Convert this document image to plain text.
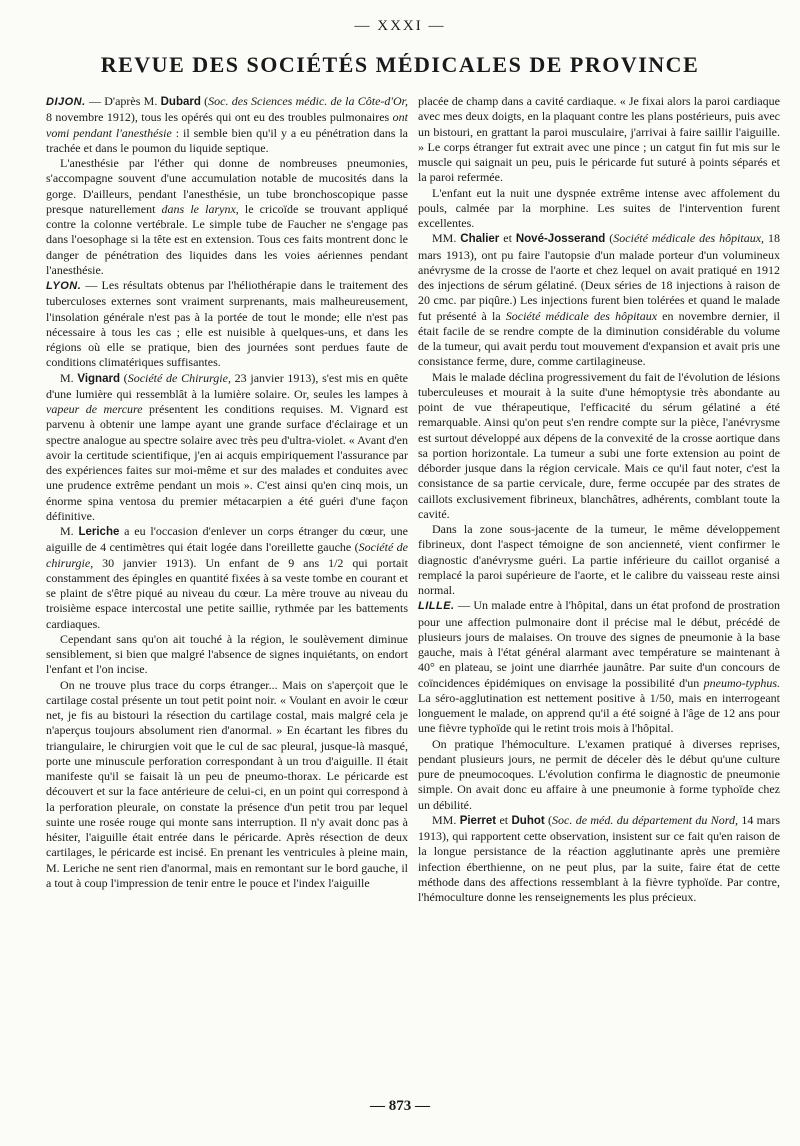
— XXXI —
REVUE DES SOCIÉTÉS MÉDICALES DE PROVINCE

DIJON. — D'après M. Dubard (Soc. des Sciences médic. de la Côte-d'Or, 8 novembre 1912), tous les opérés qui ont eu des troubles pulmonaires ont vomi pendant l'anesthésie : il semble bien qu'il y a eu pénétration dans la trachée et dans le poumon du liquide septique.

L'anesthésie par l'éther qui donne de nombreuses pneumonies, s'accompagne souvent d'une accumulation notable de mucosités dans la gorge. D'ailleurs, pendant l'anesthésie, un tube bronchoscopique passe presque naturellement dans le larynx, le cricoïde se trouvant appliqué contre la colonne vertébrale. Le simple tube de Faucher ne s'engage pas dans l'oesophage si la tête est en extension. Tous ces faits montrent donc le danger de pénétration des liquides dans les voies aériennes pendant l'anesthésie.

LYON. — Les résultats obtenus par l'héliothérapie dans le traitement des tuberculoses externes sont vraiment surprenants, mais malheureusement, l'insolation générale n'est pas à la portée de tout le monde; elle n'est pas nécessaire à tous les cas ; elle est nuisible à quelques-uns, et dans les régions où elle se pratique, bien des journées sont perdues faute de conditions climatériques suffisantes.

M. Vignard (Société de Chirurgie, 23 janvier 1913), s'est mis en quête d'une lumière qui ressemblât à la lumière solaire. Or, seules les lampes à vapeur de mercure présentent les conditions requises. M. Vignard est parvenu à obtenir une lampe ayant une grande surface d'éclairage et un spectre analogue au spectre solaire avec très peu d'ultra-violet. « Avant d'en avoir la certitude scientifique, j'en ai acquis empiriquement l'assurance par des expériences faites sur moi-même et sur des malades et conduites avec une prudence extrême pendant un mois ». C'est ainsi qu'en cinq mois, un énorme spina ventosa du premier métacarpien a été guéri d'une façon définitive.

M. Leriche a eu l'occasion d'enlever un corps étranger du cœur, une aiguille de 4 centimètres qui était logée dans l'oreillette gauche (Société de chirurgie, 30 janvier 1913). Un enfant de 9 ans 1/2 qui portait constamment des épingles en quantité fixées à sa veste tombe en courant et se plaint de s'être piqué au niveau du cœur. La mère trouve au niveau du troisième espace intercostal une petite saillie, rythmée par les battements cardiaques.

Cependant sans qu'on ait touché à la région, le soulèvement diminue sensiblement, si bien que malgré l'absence de signes inquiétants, on endort l'enfant et l'on incise.

On ne trouve plus trace du corps étranger... Mais on s'aperçoit que le cartilage costal présente un tout petit point noir. « Voulant en avoir le cœur net, je fis au bistouri la résection du cartilage costal, mais malgré cela je n'aperçus toujours absolument rien d'anormal. » En écartant les fibres du triangulaire, le chirurgien voit que le cul de sac pleural, jusque-là masqué, porte une minuscule perforation correspondant à un trou d'aiguille. Il était manifeste qu'il se faisait là un peu de pneumo-thorax. Le péricarde est découvert et sur la face antérieure de celui-ci, en un point qui correspond à la perforation pleurale, on constate la présence d'un petit trou par lequel suinte une rosée rouge qui monte sans interruption. Il n'y avait donc pas à hésiter, l'aiguille était entrée dans le péricarde. Après résection de deux cartilages, le péricarde est incisé. En prenant les ventricules à pleine main, M. Leriche ne sent rien d'anormal, mais en remontant sur le bord gauche, il a tout à coup l'impression de tenir entre le pouce et l'index l'aiguille

placée de champ dans a cavité cardiaque. « Je fixai alors la paroi cardiaque avec mes deux doigts, en la plaquant contre les plans postérieurs, puis avec un bistouri, en grattant la paroi musculaire, j'arrivai à faire saillir l'aiguille. » Le corps étranger fut extrait avec une pince ; un catgut fin fut mis sur le muscle qui saignait un peu, puis le péricarde fut suturé à points séparés et la paroi refermée.

L'enfant eut la nuit une dyspnée extrême intense avec affolement du pouls, calmée par la morphine. Les suites de l'intervention furent excellentes.

MM. Chalier et Nové-Josserand (Société médicale des hôpitaux, 18 mars 1913), ont pu faire l'autopsie d'un malade porteur d'un volumineux anévrysme de la crosse de l'aorte et chez lequel on avait pratiqué en 1912 des injections de sérum gélatiné. (Deux séries de 18 injections à raison de 20 cmc. par piqûre.) Les injections furent bien tolérées et quand le malade fut présenté à la Société médicale des hôpitaux en novembre dernier, il était facile de se rendre compte de la diminution considérable du volume de la tumeur, qui avait perdu tout mouvement d'expansion et avait pris une consistance ferme, dure, comme cartilagineuse.

Mais le malade déclina progressivement du fait de l'évolution de lésions tuberculeuses et mourait à la suite d'une hémoptysie très abondante au point de vue thérapeutique, l'efficacité du sérum gélatiné a été remarquable. Ainsi qu'on peut s'en rendre compte sur la pièce, l'anévrysme est surtout développé aux dépens de la convexité de la crosse aortique dans sa portion horizontale. La tumeur a subi une forte extension au point de déborder jusque dans la région cervicale. Mais ce qu'il faut noter, c'est la consistance de sa partie cervicale, dure, ferme occupée par des strates de caillots exclusivement fibrineux, blanchâtres, adhérents, comblant toute la cavité.

Dans la zone sous-jacente de la tumeur, le même développement fibrineux, dont l'aspect témoigne de son ancienneté, vient confirmer le diagnostic d'anévrysme guéri. La partie inférieure du caillot organisé a remplacé la paroi supérieure de l'aorte, et le calibre du vaisseau reste ainsi normal.

LILLE. — Un malade entre à l'hôpital, dans un état profond de prostration pour une affection pulmonaire dont il précise mal le début, précédé de plusieurs jours de malaises. On trouve des signes de pneumonie à la base gauche, mais à l'état général alarmant avec température se maintenant à 40° en plateau, se joint une diarrhée jaunâtre. Par suite d'un concours de coïncidences épidémiques on envisage la possibilité d'un pneumo-typhus. La séro-agglutination est nettement positive à 1/50, mais en interrogeant longuement le malade, on apprend qu'il a été soigné à l'âge de 12 ans pour une fièvre typhoïde qui le retint trois mois à l'hôpital.

On pratique l'hémoculture. L'examen pratiqué à diverses reprises, pendant plusieurs jours, ne permit de déceler dès le début qu'une culture pure de pneumocoques. L'évolution confirma le diagnostic de pneumonie simple. On avait donc eu affaire à une pneumonie à forme typhoïde chez un débilité.

MM. Pierret et Duhot (Soc. de méd. du département du Nord, 14 mars 1913), qui rapportent cette observation, insistent sur ce fait qu'en raison de la longue persistance de la réaction agglutinante après une première infection éberthienne, on ne peut plus, par la suite, faire état de cette méthode dans des affections ressemblant à la fièvre typhoïde. Par contre, l'hémoculture donne les renseignements les plus précieux.

— 873 —
